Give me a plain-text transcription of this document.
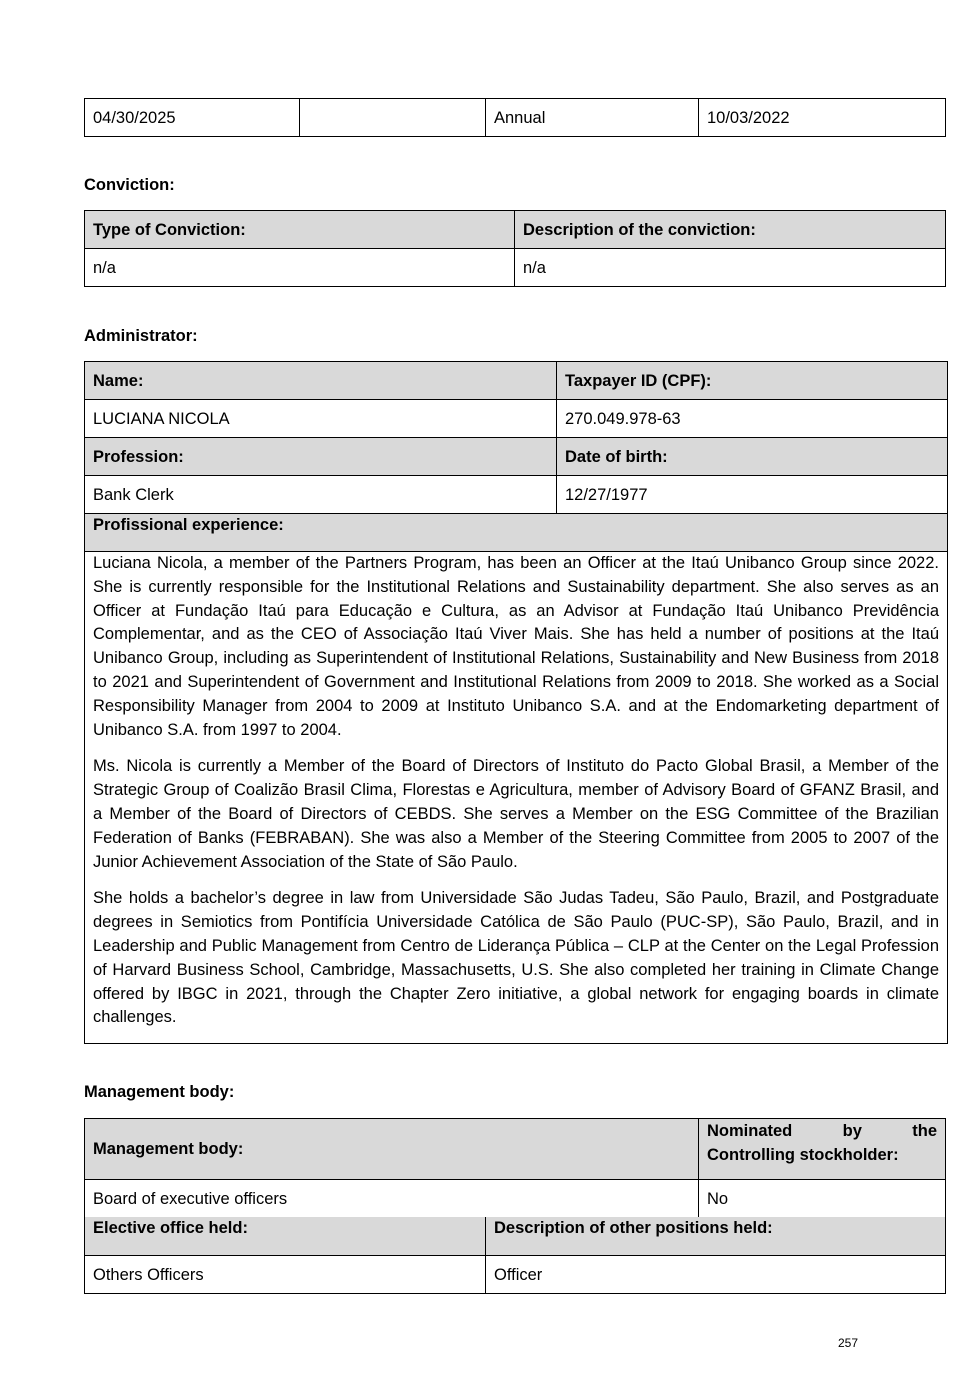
04/30/2025		Annual	10/03/2022
Conviction:
Type of Conviction:	Description of the conviction:
n/a	n/a
Administrator:
Name:	Taxpayer ID (CPF):
LUCIANA NICOLA	270.049.978-63
Profession:	Date of birth:
Bank Clerk	12/27/1977
Profissional experience:	

Luciana Nicola, a member of the Partners Program, has been an Officer at the Itaú Unibanco Group since 2022. She is currently responsible for the Institutional Relations and Sustainability department. She also serves as an Officer at Fundação Itaú para Educação e Cultura, as an Advisor at Fundação Itaú Unibanco Previdência Complementar, and as the CEO of Associação Itaú Viver Mais. She has held a number of positions at the Itaú Unibanco Group, including as Superintendent of Institutional Relations, Sustainability and New Business from 2018 to 2021 and Superintendent of Government and Institutional Relations from 2009 to 2018. She worked as a Social Responsibility Manager from 2004 to 2009 at Instituto Unibanco S.A. and at the Endomarketing department of Unibanco S.A. from 1997 to 2004.

Ms. Nicola is currently a Member of the Board of Directors of Instituto do Pacto Global Brasil, a Member of the Strategic Group of Coalizão Brasil Clima, Florestas e Agricultura, member of Advisory Board of GFANZ Brasil, and a Member of the Board of Directors of CEBDS. She serves a Member on the ESG Committee of the Brazilian Federation of Banks (FEBRABAN). She was also a Member of the Steering Committee from 2005 to 2007 of the Junior Achievement Association of the State of São Paulo.

She holds a bachelor’s degree in law from Universidade São Judas Tadeu, São Paulo, Brazil, and Postgraduate degrees in Semiotics from Pontifícia Universidade Católica de São Paulo (PUC-SP), São Paulo, Brazil, and in Leadership and Public Management from Centro de Liderança Pública – CLP at the Center on the Legal Profession of Harvard Business School, Cambridge, Massachusetts, U.S. She also completed her training in Climate Change offered by IBGC in 2021, through the Chapter Zero initiative, a global network for engaging boards in climate challenges.	

Management body:
Management body:	Nominated by the Controlling stockholder:
Board of executive officers	No
Elective office held:	Description of other positions held:
Others Officers	Officer
257
